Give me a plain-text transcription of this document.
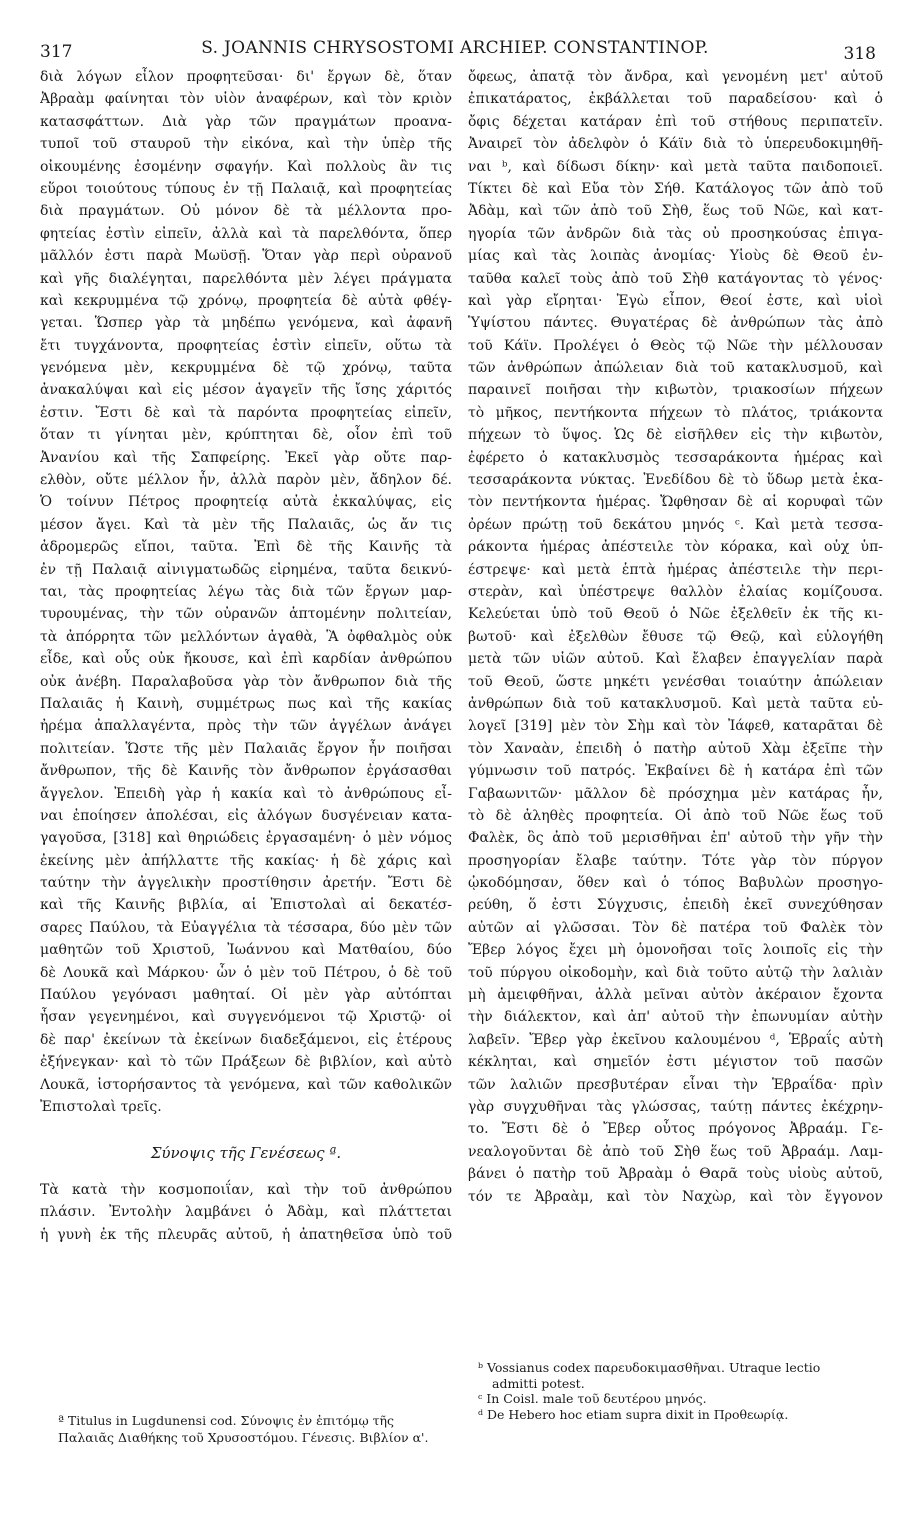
317	S. JOANNIS CHRYSOSTOMI ARCHIEP. CONSTANTINOP.	318
διὰ λόγων εἶλον προφητεῦσαι· δι' ἔργων δὲ, ὅταν
Ἀβραὰμ φαίνηται τὸν υἱὸν ἀναφέρων, καὶ τὸν κριὸν
κατασφάττων. Διὰ γὰρ τῶν πραγμάτων προανα-
τυποῖ τοῦ σταυροῦ τὴν εἰκόνα, καὶ τὴν ὑπὲρ τῆς
οἰκουμένης ἐσομένην σφαγήν. Καὶ πολλοὺς ἂν τις
εὕροι τοιούτους τύπους ἐν τῇ Παλαιᾷ, καὶ προφητείας
διὰ πραγμάτων. Οὐ μόνον δὲ τὰ μέλλοντα προ-
φητείας ἐστὶν εἰπεῖν, ἀλλὰ καὶ τὰ παρελθόντα, ὅπερ
μᾶλλόν ἐστι παρὰ Μωϋσῇ. Ὅταν γὰρ περὶ οὐρανοῦ
καὶ γῆς διαλέγηται, παρελθόντα μὲν λέγει πράγματα
καὶ κεκρυμμένα τῷ χρόνῳ, προφητεία δὲ αὐτὰ φθέγ-
γεται. Ὥσπερ γὰρ τὰ μηδέπω γενόμενα, καὶ ἀφανῆ
ἔτι τυγχάνοντα, προφητείας ἐστὶν εἰπεῖν, οὕτω τὰ
γενόμενα μὲν, κεκρυμμένα δὲ τῷ χρόνῳ, ταῦτα
ἀνακαλύψαι καὶ εἰς μέσον ἀγαγεῖν τῆς ἴσης χάριτός
ἐστιν. Ἔστι δὲ καὶ τὰ παρόντα προφητείας εἰπεῖν,
ὅταν τι γίνηται μὲν, κρύπτηται δὲ, οἷον ἐπὶ τοῦ
Ἀνανίου καὶ τῆς Σαπφείρης. Ἐκεῖ γὰρ οὔτε παρ-
ελθὸν, οὔτε μέλλον ἦν, ἀλλὰ παρὸν μὲν, ἄδηλον δέ.
Ὁ τοίνυν Πέτρος προφητείᾳ αὐτὰ ἐκκαλύψας, εἰς
μέσον ἄγει. Καὶ τὰ μὲν τῆς Παλαιᾶς, ὡς ἄν τις
ἀδρομερῶς εἴποι, ταῦτα. Ἐπὶ δὲ τῆς Καινῆς τὰ
ἐν τῇ Παλαιᾷ αἰνιγματωδῶς εἰρημένα, ταῦτα δεικνύ-
ται, τὰς προφητείας λέγω τὰς διὰ τῶν ἔργων μαρ-
τυρουμένας, τὴν τῶν οὐρανῶν ἁπτομένην πολιτείαν,
τὰ ἀπόρρητα τῶν μελλόντων ἀγαθὰ, Ἃ ὀφθαλμὸς οὐκ
εἶδε, καὶ οὖς οὐκ ἤκουσε, καὶ ἐπὶ καρδίαν ἀνθρώπου
οὐκ ἀνέβη. Παραλαβοῦσα γὰρ τὸν ἄνθρωπον διὰ τῆς
Παλαιᾶς ἡ Καινὴ, συμμέτρως πως καὶ τῆς κακίας
ἠρέμα ἀπαλλαγέντα, πρὸς τὴν τῶν ἀγγέλων ἀνάγει
πολιτείαν. Ὥστε τῆς μὲν Παλαιᾶς ἔργον ἦν ποιῆσαι
ἄνθρωπον, τῆς δὲ Καινῆς τὸν ἄνθρωπον ἐργάσασθαι
ἄγγελον. Ἐπειδὴ γὰρ ἡ κακία καὶ τὸ ἀνθρώπους εἶ-
ναι ἐποίησεν ἀπολέσαι, εἰς ἀλόγων δυσγένειαν κατα-
γαγοῦσα, [318] καὶ θηριώδεις ἐργασαμένη· ὁ μὲν νόμος
ἐκείνης μὲν ἀπήλλαττε τῆς κακίας· ἡ δὲ χάρις καὶ
ταύτην τὴν ἀγγελικὴν προστίθησιν ἀρετήν. Ἔστι δὲ
καὶ τῆς Καινῆς βιβλία, αἱ Ἐπιστολαὶ αἱ δεκατέσ-
σαρες Παύλου, τὰ Εὐαγγέλια τὰ τέσσαρα, δύο μὲν τῶν
μαθητῶν τοῦ Χριστοῦ, Ἰωάννου καὶ Ματθαίου, δύο
δὲ Λουκᾶ καὶ Μάρκου· ὧν ὁ μὲν τοῦ Πέτρου, ὁ δὲ τοῦ
Παύλου γεγόνασι μαθηταί. Οἱ μὲν γὰρ αὐτόπται
ἦσαν γεγενημένοι, καὶ συγγενόμενοι τῷ Χριστῷ· οἱ
δὲ παρ' ἐκείνων τὰ ἐκείνων διαδεξάμενοι, εἰς ἑτέρους
ἐξήνεγκαν· καὶ τὸ τῶν Πράξεων δὲ βιβλίον, καὶ αὐτὸ
Λουκᾶ, ἱστορήσαντος τὰ γενόμενα, καὶ τῶν καθολικῶν
Ἐπιστολαὶ τρεῖς.
Σύνοψις τῆς Γενέσεως ª.
Τὰ κατὰ τὴν κοσμοποιΐαν, καὶ τὴν τοῦ ἀνθρώπου
πλάσιν. Ἐντολὴν λαμβάνει ὁ Ἀδὰμ, καὶ πλάττεται
ἡ γυνὴ ἐκ τῆς πλευρᾶς αὐτοῦ, ἡ ἀπατηθεῖσα ὑπὸ τοῦ
ὄφεως, ἀπατᾷ τὸν ἄνδρα, καὶ γενομένη μετ' αὐτοῦ
ἐπικατάρατος, ἐκβάλλεται τοῦ παραδείσου· καὶ ὁ
ὄφις δέχεται κατάραν ἐπὶ τοῦ στήθους περιπατεῖν.
Ἀναιρεῖ τὸν ἀδελφὸν ὁ Κάϊν διὰ τὸ ὑπερευδοκιμηθῆ-
ναι ᵇ, καὶ δίδωσι δίκην· καὶ μετὰ ταῦτα παιδοποιεῖ.
Τίκτει δὲ καὶ Εὔα τὸν Σήθ. Κατάλογος τῶν ἀπὸ τοῦ
Ἀδὰμ, καὶ τῶν ἀπὸ τοῦ Σὴθ, ἕως τοῦ Νῶε, καὶ κατ-
ηγορία τῶν ἀνδρῶν διὰ τὰς οὐ προσηκούσας ἐπιγα-
μίας καὶ τὰς λοιπὰς ἀνομίας· Υἱοὺς δὲ Θεοῦ ἐν-
ταῦθα καλεῖ τοὺς ἀπὸ τοῦ Σὴθ κατάγοντας τὸ γένος·
καὶ γὰρ εἴρηται· Ἐγὼ εἶπον, Θεοί ἐστε, καὶ υἱοὶ
Ὑψίστου πάντες. Θυγατέρας δὲ ἀνθρώπων τὰς ἀπὸ
τοῦ Κάϊν. Προλέγει ὁ Θεὸς τῷ Νῶε τὴν μέλλουσαν
τῶν ἀνθρώπων ἀπώλειαν διὰ τοῦ κατακλυσμοῦ, καὶ
παραινεῖ ποιῆσαι τὴν κιβωτὸν, τριακοσίων πήχεων
τὸ μῆκος, πεντήκοντα πήχεων τὸ πλάτος, τριάκοντα
πήχεων τὸ ὕψος. Ὡς δὲ εἰσῆλθεν εἰς τὴν κιβωτὸν,
ἐφέρετο ὁ κατακλυσμὸς τεσσαράκοντα ἡμέρας καὶ
τεσσαράκοντα νύκτας. Ἐνεδίδου δὲ τὸ ὕδωρ μετὰ ἑκα-
τὸν πεντήκοντα ἡμέρας. Ὤφθησαν δὲ αἱ κορυφαὶ τῶν
ὀρέων πρώτῃ τοῦ δεκάτου μηνός ᶜ. Καὶ μετὰ τεσσα-
ράκοντα ἡμέρας ἀπέστειλε τὸν κόρακα, καὶ οὐχ ὑπ-
έστρεψε· καὶ μετὰ ἑπτὰ ἡμέρας ἀπέστειλε τὴν περι-
στερὰν, καὶ ὑπέστρεψε θαλλὸν ἐλαίας κομίζουσα.
Κελεύεται ὑπὸ τοῦ Θεοῦ ὁ Νῶε ἐξελθεῖν ἐκ τῆς κι-
βωτοῦ· καὶ ἐξελθὼν ἔθυσε τῷ Θεῷ, καὶ εὐλογήθη
μετὰ τῶν υἱῶν αὐτοῦ. Καὶ ἔλαβεν ἐπαγγελίαν παρὰ
τοῦ Θεοῦ, ὥστε μηκέτι γενέσθαι τοιαύτην ἀπώλειαν
ἀνθρώπων διὰ τοῦ κατακλυσμοῦ. Καὶ μετὰ ταῦτα εὐ-
λογεῖ [319] μὲν τὸν Σὴμ καὶ τὸν Ἰάφεθ, καταρᾶται δὲ
τὸν Χαναὰν, ἐπειδὴ ὁ πατὴρ αὐτοῦ Χὰμ ἐξεῖπε τὴν
γύμνωσιν τοῦ πατρός. Ἐκβαίνει δὲ ἡ κατάρα ἐπὶ τῶν
Γαβαωνιτῶν· μᾶλλον δὲ πρόσχημα μὲν κατάρας ἦν,
τὸ δὲ ἀληθὲς προφητεία. Οἱ ἀπὸ τοῦ Νῶε ἕως τοῦ
Φαλὲκ, ὃς ἀπὸ τοῦ μερισθῆναι ἐπ' αὐτοῦ τὴν γῆν τὴν
προσηγορίαν ἔλαβε ταύτην. Τότε γὰρ τὸν πύργον
ᾠκοδόμησαν, ὅθεν καὶ ὁ τόπος Βαβυλὼν προσηγο-
ρεύθη, ὅ ἐστι Σύγχυσις, ἐπειδὴ ἐκεῖ συνεχύθησαν
αὐτῶν αἱ γλῶσσαι. Τὸν δὲ πατέρα τοῦ Φαλὲκ τὸν
Ἔβερ λόγος ἔχει μὴ ὁμονοῆσαι τοῖς λοιποῖς εἰς τὴν
τοῦ πύργου οἰκοδομὴν, καὶ διὰ τοῦτο αὐτῷ τὴν λαλιὰν
μὴ ἀμειφθῆναι, ἀλλὰ μεῖναι αὐτὸν ἀκέραιον ἔχοντα
τὴν διάλεκτον, καὶ ἀπ' αὐτοῦ τὴν ἐπωνυμίαν αὐτὴν
λαβεῖν. Ἔβερ γὰρ ἐκεῖνου καλουμένου ᵈ, Ἑβραΐς αὐτὴ
κέκληται, καὶ σημεῖόν ἐστι μέγιστον τοῦ πασῶν
τῶν λαλιῶν πρεσβυτέραν εἶναι τὴν Ἑβραΐδα· πρὶν
γὰρ συγχυθῆναι τὰς γλώσσας, ταύτῃ πάντες ἐκέχρην-
το. Ἔστι δὲ ὁ Ἔβερ οὗτος πρόγονος Ἀβραάμ. Γε-
νεαλογοῦνται δὲ ἀπὸ τοῦ Σὴθ ἕως τοῦ Ἀβραάμ. Λαμ-
βάνει ὁ πατὴρ τοῦ Ἀβραὰμ ὁ Θαρᾶ τοὺς υἱοὺς αὐτοῦ,
τόν τε Ἀβραὰμ, καὶ τὸν Ναχὼρ, καὶ τὸν ἔγγονον
ª Titulus in Lugdunensi cod. Σύνοψις ἐν ἐπιτόμῳ τῆς
Παλαιᾶς Διαθήκης τοῦ Χρυσοστόμου. Γένεσις. Βιβλίον α'.
ᵇ Vossianus codex παρευδοκιμασθῆναι. Utraque lectio
admitti potest.
ᶜ In Coisl. male τοῦ δευτέρου μηνός.
ᵈ De Hebero hoc etiam supra dixit in Προθεωρίᾳ.
